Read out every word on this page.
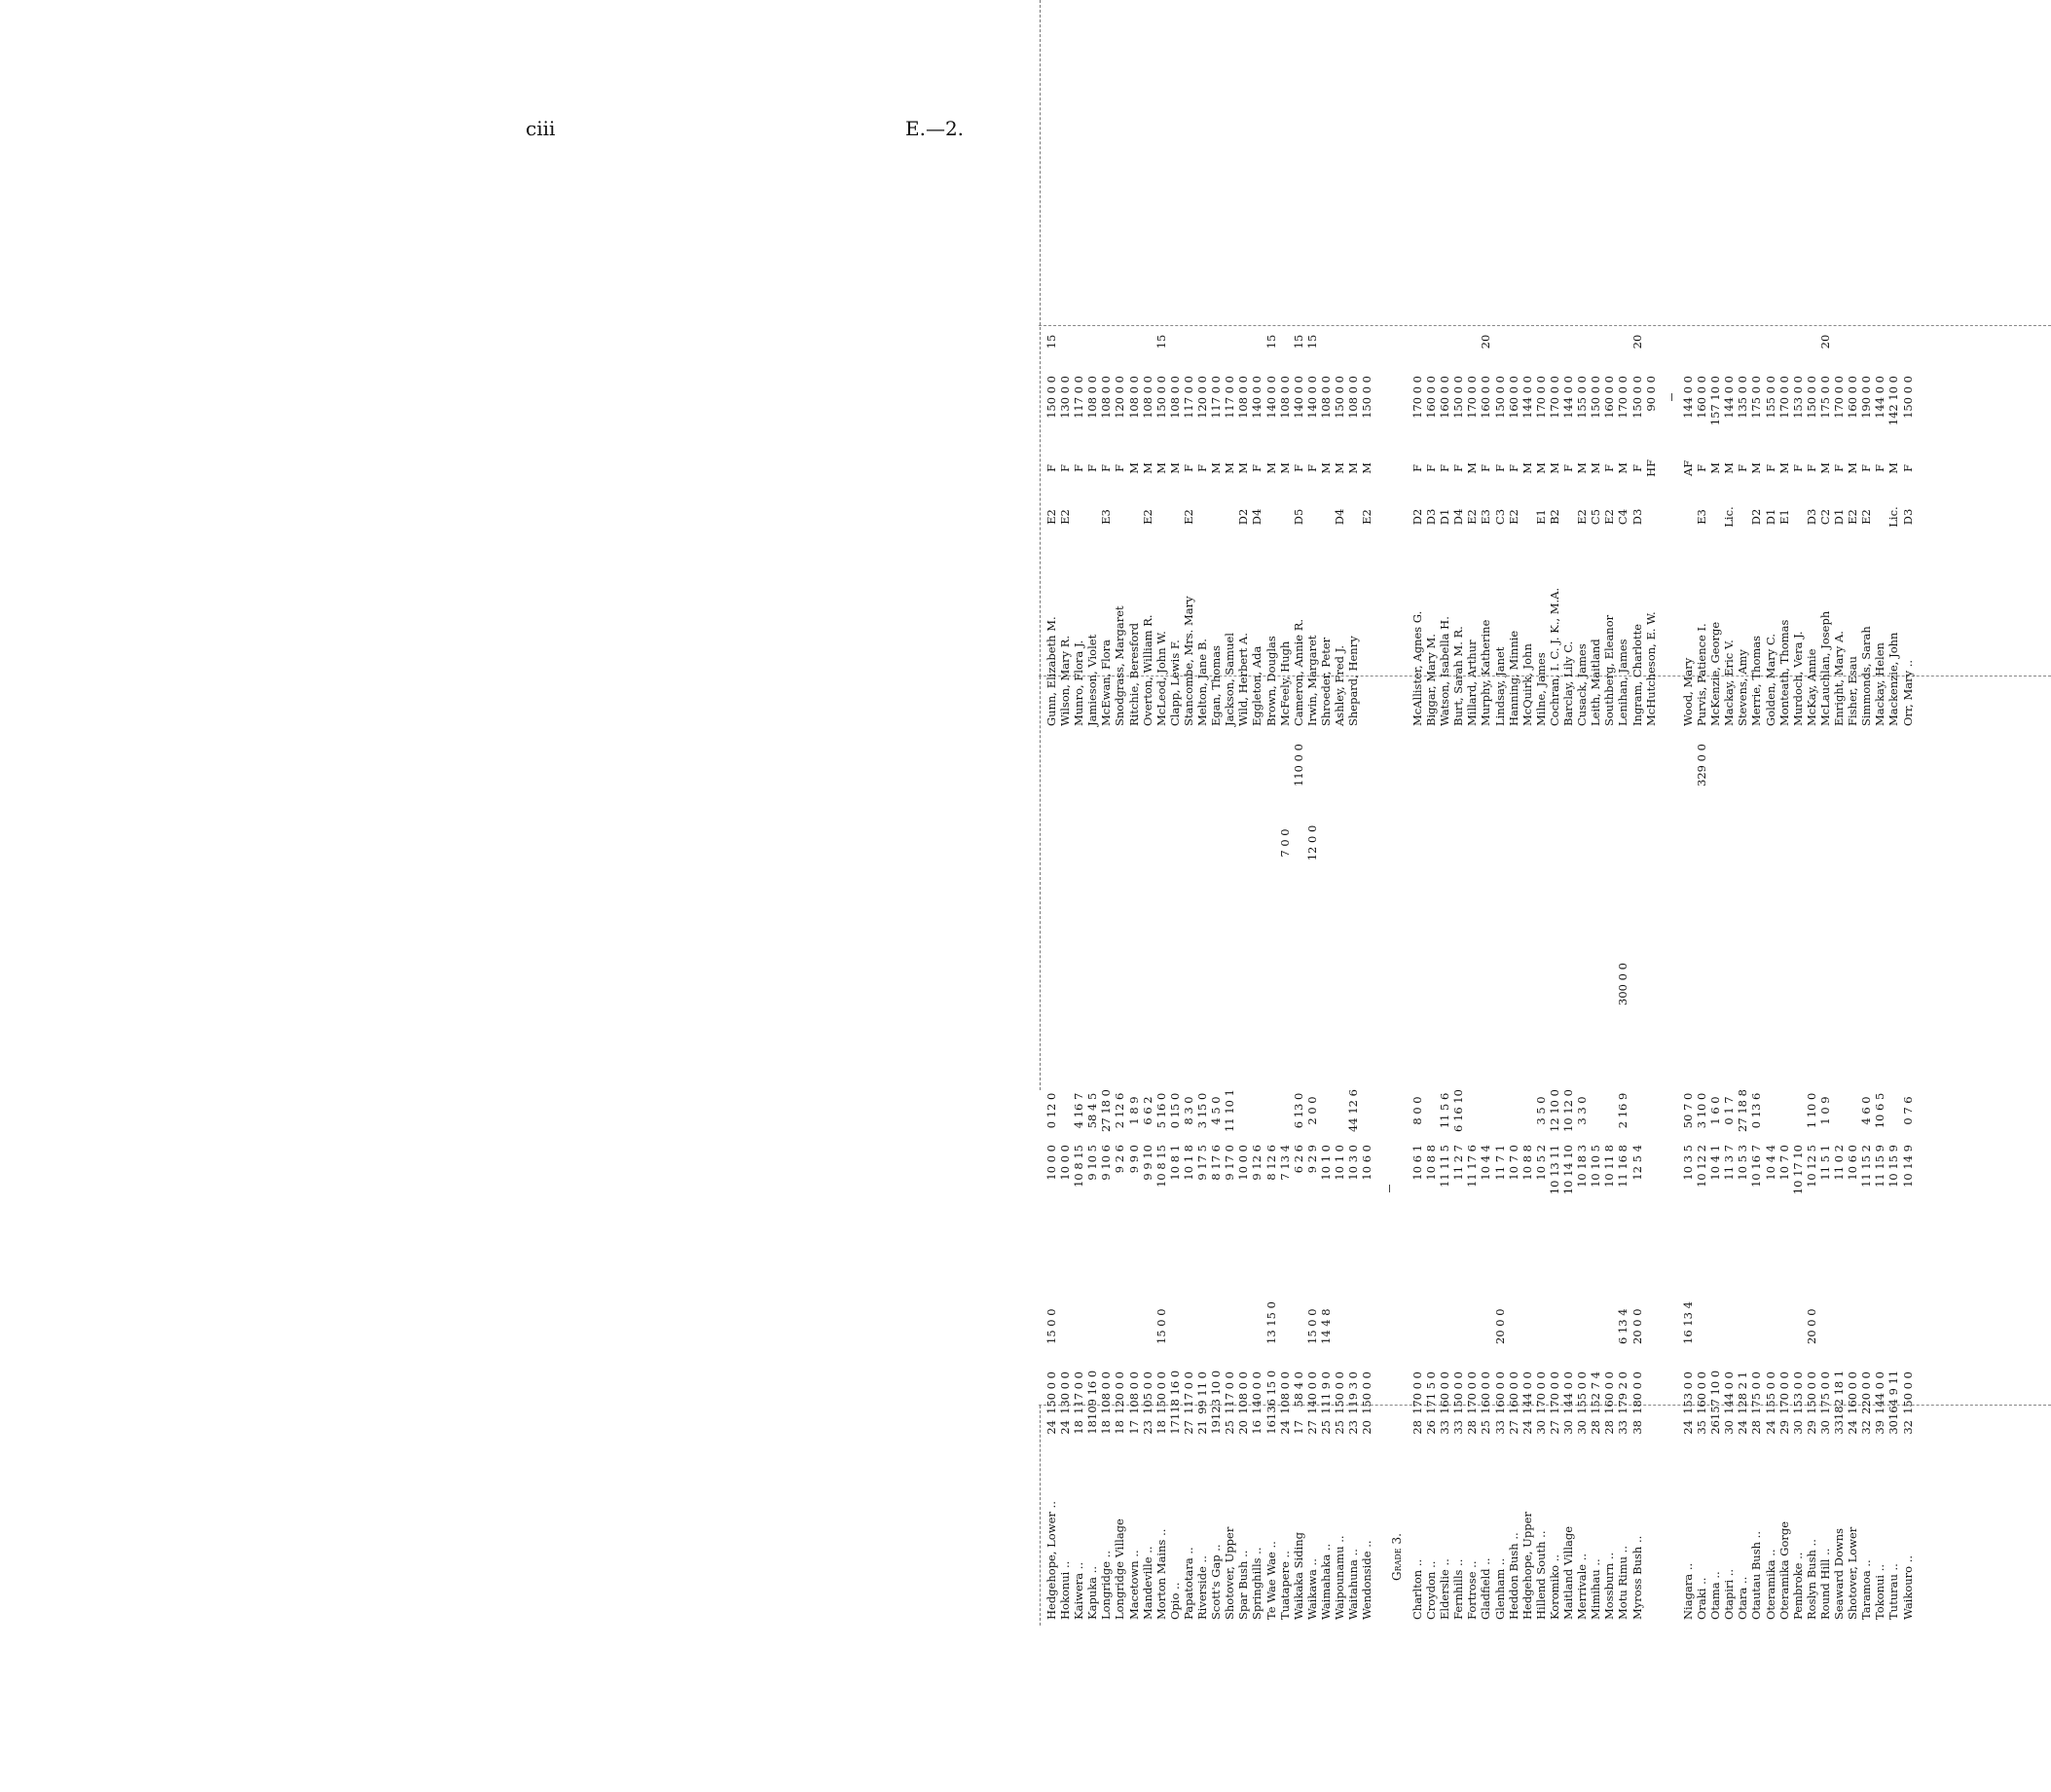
ciii	E.—2.
Hedgehope, Lower ..
24
150 0 0
15 0 0
10 0 0
0 12 0
Gunn, Elizabeth M.
E2
F
150 0 0
15
Hokonui ..
24
130 0 0
10 0 0
Wilson, Mary R.
E2
F
130 0 0
Kaiwera ..
18
117 0 0
10 8 15
4 16 7
Munro, Flora J.
F
117 0 0
Kapuka ..
18
109 16 0
9 10 5
58 4 5
Jamieson, Violet
F
108 0 0
Longridge ..
18
108 0 0
9 10 6
27 18 0
McEwan, Flora
E3
F
108 0 0
Longridge Village
18
120 0 0
9 2 6
2 12 6
Snodgrass, Margaret
F
120 0 0
Macetown ..
17
108 0 0
9 9 0
1 8 9
Ritchie, Beresford
M
108 0 0
Mandeville ..
23
105 0 0
9 9 10
6 6 2
Overton, William R.
E2
M
108 0 0
Morton Mains ..
18
150 0 0
15 0 0
10 8 15
5 16 0
McLeod, John W.
M
150 0 0
15
Opio ..
17
118 16 0
10 8 1
0 15 0
Clapp, Lewis F.
M
108 0 0
Papatotara ..
27
117 0 0
10 1 8
8 3 0
Stancombe, Mrs. Mary
E2
F
117 0 0
Riverside ..
21
99 11 0
9 17 5
3 15 0
Melton, Jane B.
F
120 0 0
Scott's Gap ..
19
123 10 0
8 17 6
4 5 0
Egan, Thomas
M
117 0 0
Shotover, Upper
25
117 0 0
9 17 0
11 10 1
Jackson, Samuel
M
117 0 0
Spar Bush ..
20
108 0 0
10 0 0
Wild, Herbert A.
D2
M
108 0 0
Springhills ..
16
140 0 0
9 12 6
Eggleton, Ada
D4
F
140 0 0
Te Wae Wae ..
16
136 15 0
13 15 0
8 12 6
Brown, Douglas
M
140 0 0
15
Tuatapere ..
24
108 0 0
7 13 4
7 0 0
McFeely, Hugh
M
108 0 0
Waikaka Siding
17
58 4 0
6 2 6
6 13 0
110 0 0
Cameron, Annie R.
D5
F
140 0 0
15
Waikawa ..
27
140 0 0
15 0 0
9 2 9
2 0 0
12 0 0
Irwin, Margaret
F
140 0 0
15
Waimahaka ..
25
111 9 0
14 4 8
10 1 0
Shroeder, Peter
M
108 0 0
Waipounamu ..
25
150 0 0
10 1 0
Ashley, Fred J.
D4
M
150 0 0
Waitahuna ..
23
119 3 0
10 3 0
44 12 6
Shepard, Henry
M
108 0 0
Wendonside ..
20
150 0 0
10 6 0
E2
M
150 0 0
Grade 3.
Charlton ..
28
170 0 0
10 6 1
8 0 0
McAllister, Agnes G.
D2
F
170 0 0
Croydon ..
26
171 5 0
10 8 8
Biggar, Mary M.
D3
F
160 0 0
Elderslie ..
33
160 0 0
11 11 5
11 5 6
Watson, Isabella H.
D1
F
160 0 0
Fernhills ..
33
150 0 0
11 2 7
6 16 10
Burt, Sarah M. R.
D4
F
150 0 0
Fortrose ..
28
170 0 0
11 17 6
Millard, Arthur
E2
M
170 0 0
Gladfield ..
25
160 0 0
10 4 4
Murphy, Katherine
E3
F
160 0 0
20
Glenham ..
33
160 0 0
20 0 0
11 7 1
Lindsay, Janet
C3
F
150 0 0
Heddon Bush ..
27
160 0 0
10 7 0
Hanning, Minnie
E2
F
160 0 0
Hedgehope, Upper
24
144 0 0
10 8 8
McQuirk, John
M
144 0 0
Hillend South ..
30
170 0 0
10 5 2
3 5 0
Milne, James
E1
M
170 0 0
Koromiko ..
27
170 0 0
10 13 11
12 10 0
Cochran, I. C. J. K., M.A.
B2
M
170 0 0
Maitland Village
30
144 0 0
10 14 10
10 12 0
Barclay, Lily C.
F
144 0 0
Merrivale ..
30
155 0 0
10 18 3
3 3 0
Cusack, James
E2
M
155 0 0
Mimihau ..
28
152 7 4
10 10 5
Leith, Maitland
C5
M
150 0 0
Mossburn ..
28
160 0 0
10 11 8
Southberg, Eleanor
E2
F
160 0 0
Motu Rimu ..
33
179 2 0
6 13 4
11 16 8
2 16 9
300 0 0
Lenihan, James
C4
M
170 0 0
Myross Bush ..
38
180 0 0
20 0 0
12 5 4
Ingram, Charlotte
D3
F
150 0 0
20
McHutcheson, E. W.
HF
90 0 0
Niagara ..
24
153 0 0
16 13 4
10 3 5
50 7 0
Wood, Mary
AF
144 0 0
Oraki ..
35
160 0 0
10 12 2
3 10 0
329 0 0
Purvis, Patience I.
E3
F
160 0 0
Otama ..
26
157 10 0
10 4 1
1 6 0
McKenzie, George
M
157 10 0
Otapiri ..
30
144 0 0
11 3 7
0 1 7
Mackay, Eric V.
Lic.
M
144 0 0
Otara ..
24
128 2 1
10 5 3
27 18 8
Stevens, Amy
F
135 0 0
Otautau Bush ..
28
175 0 0
10 16 7
0 13 6
Merrie, Thomas
D2
M
175 0 0
Oteramika ..
24
155 0 0
10 4 4
Golden, Mary C.
D1
F
155 0 0
Oteramika Gorge
29
170 0 0
10 7 0
Monteath, Thomas
E1
M
170 0 0
Pembroke ..
30
153 0 0
10 17 10
Murdoch, Vera J.
F
153 0 0
Roslyn Bush ..
29
150 0 0
20 0 0
10 12 5
1 10 0
McKay, Annie
D3
F
150 0 0
Round Hill ..
30
175 0 0
11 5 1
1 0 9
McLauchlan, Joseph
C2
M
175 0 0
20
Seaward Downs
33
182 18 1
11 0 2
Enright, Mary A.
D1
F
170 0 0
Shotover, Lower
24
160 0 0
10 6 0
Fisher, Esau
E2
M
160 0 0
Taramoa ..
32
220 0 0
11 15 2
4 6 0
Simmonds, Sarah
E2
F
190 0 0
Tokonui ..
39
144 0 0
11 15 9
10 6 5
Mackay, Helen
F
144 0 0
Tuturau ..
30
164 9 11
10 15 9
Mackenzie, John
Lic.
M
142 10 0
Waikouro ..
32
150 0 0
10 14 9
0 7 6
Orr, Mary ..
D3
F
150 0 0
